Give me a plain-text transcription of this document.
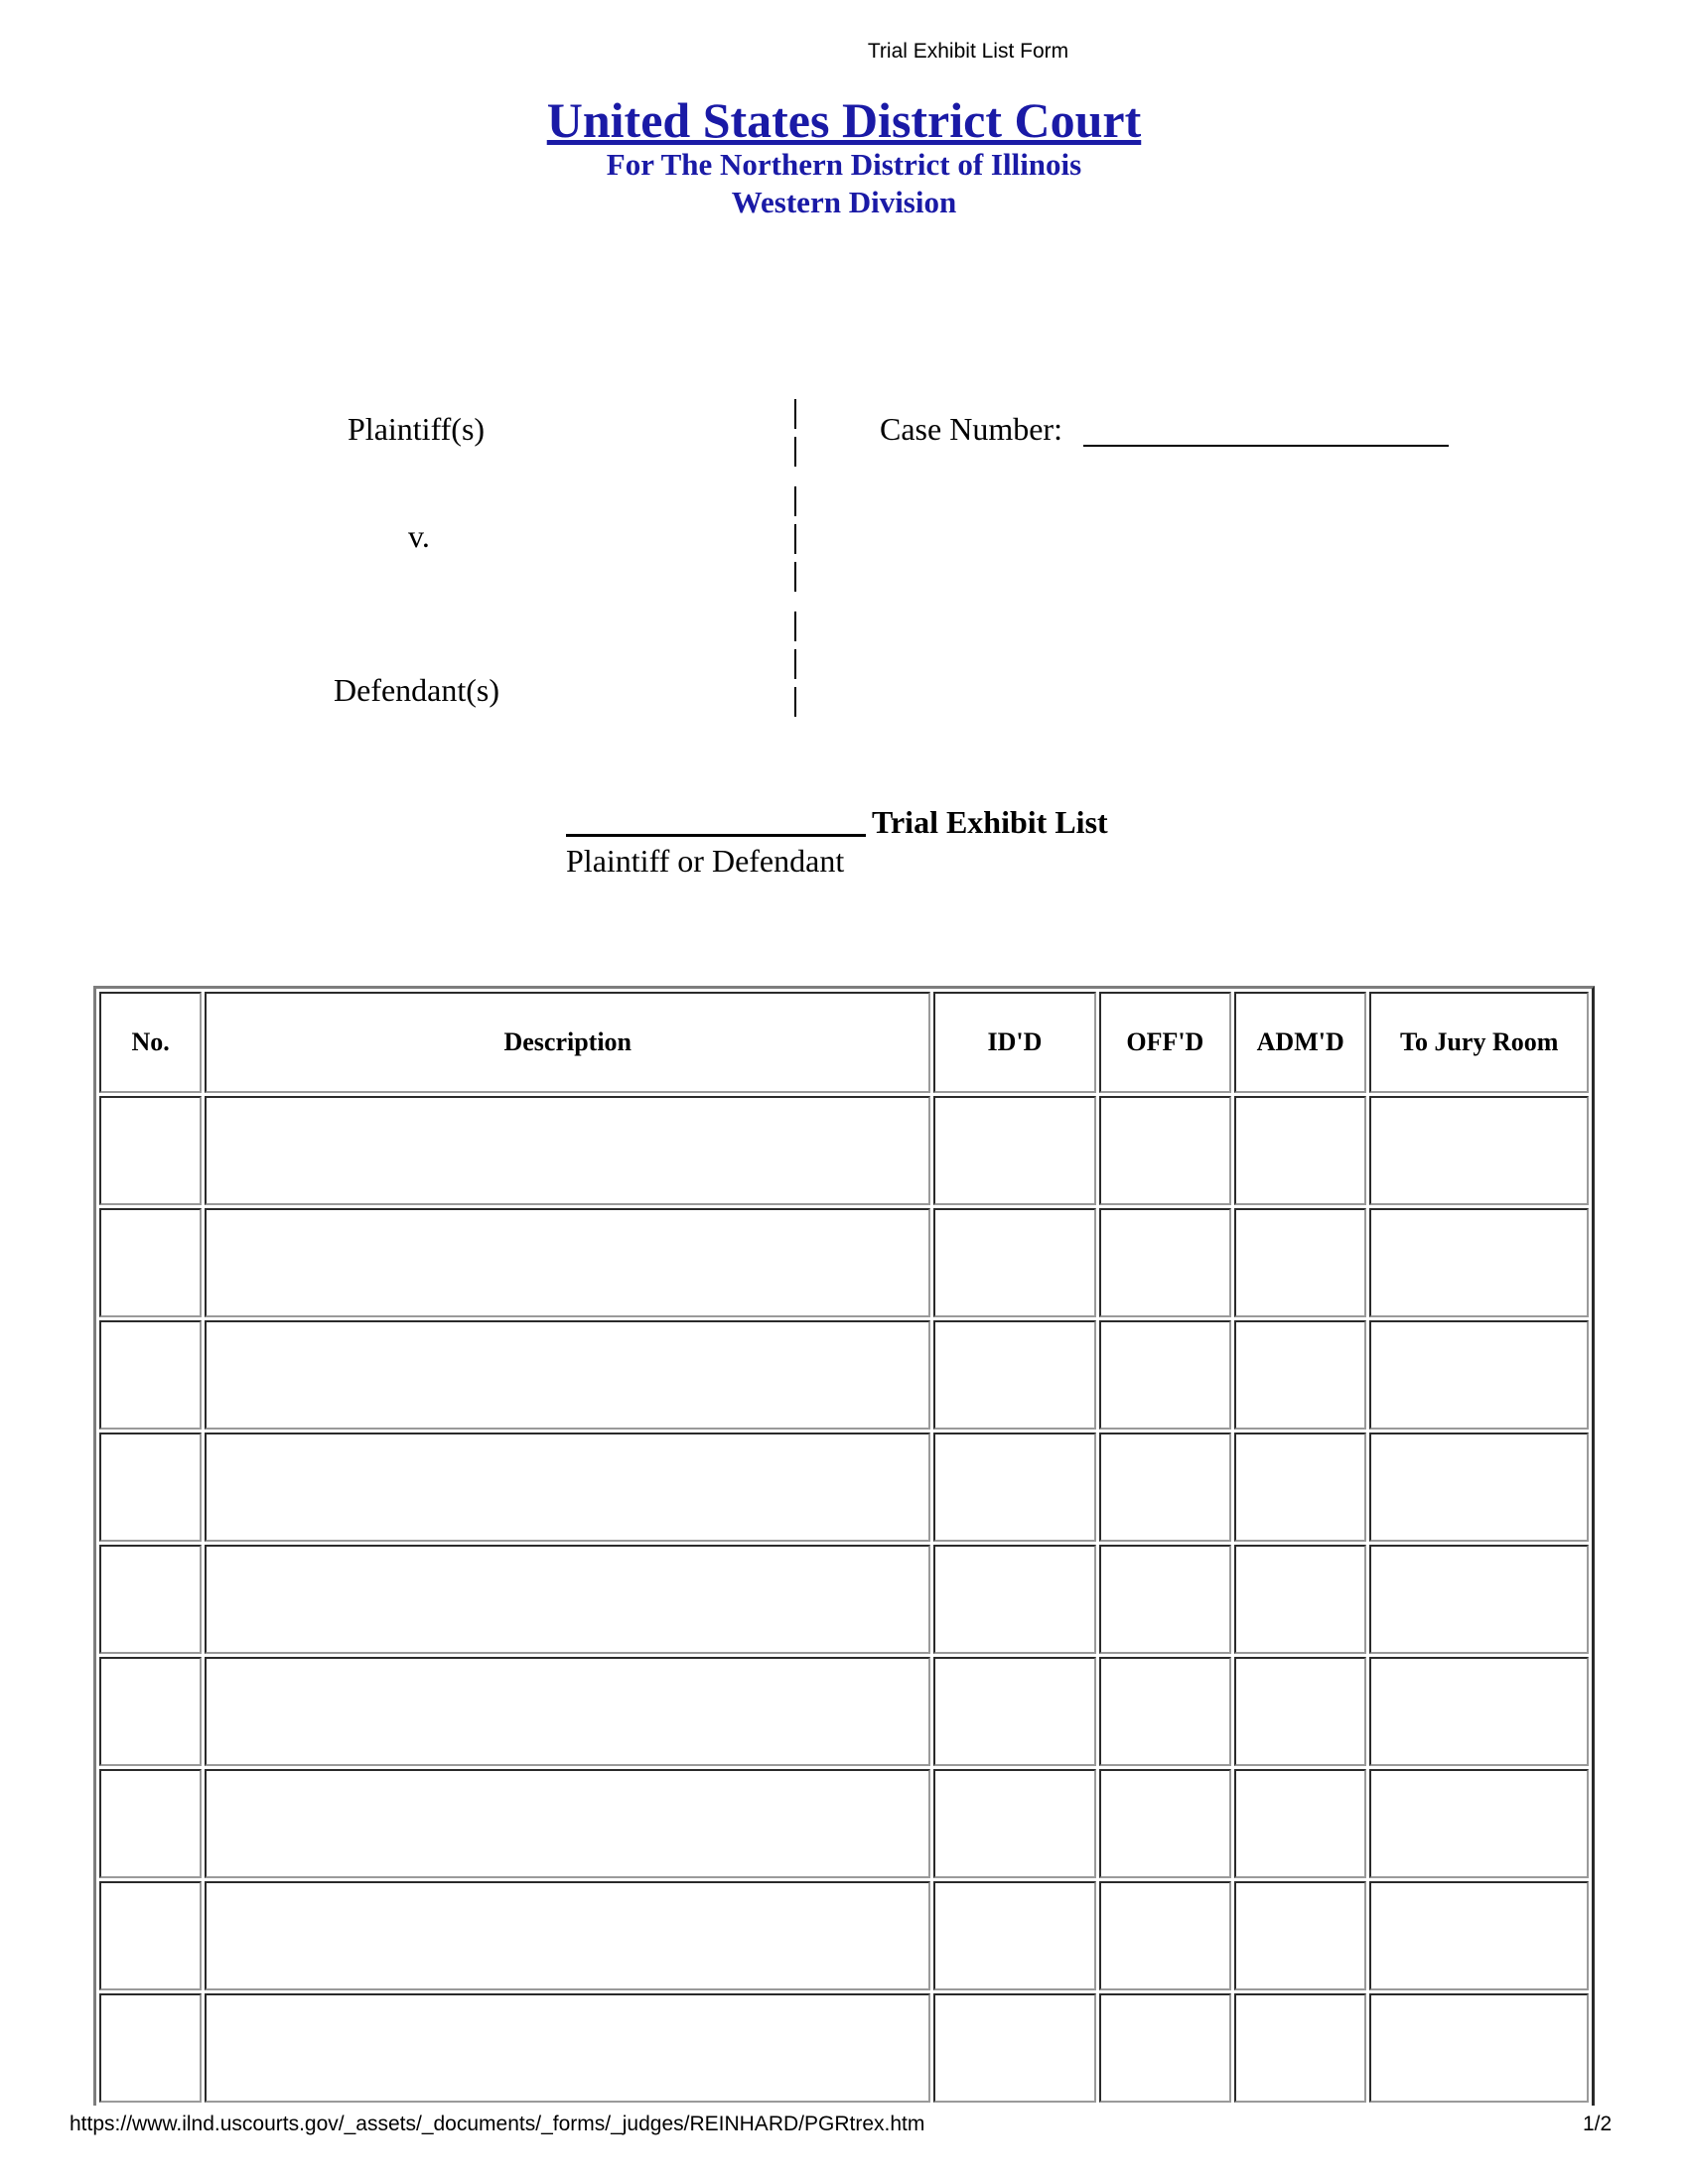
Trial Exhibit List Form
United States District Court
For The Northern District of Illinois
Western Division
Plaintiff(s)
v.
Defendant(s)
Case Number:
Trial Exhibit List
Plaintiff or Defendant
No.	Description	ID'D	OFF'D	ADM'D	To Jury Room

https://www.ilnd.uscourts.gov/_assets/_documents/_forms/_judges/REINHARD/PGRtrex.htm	1/2
